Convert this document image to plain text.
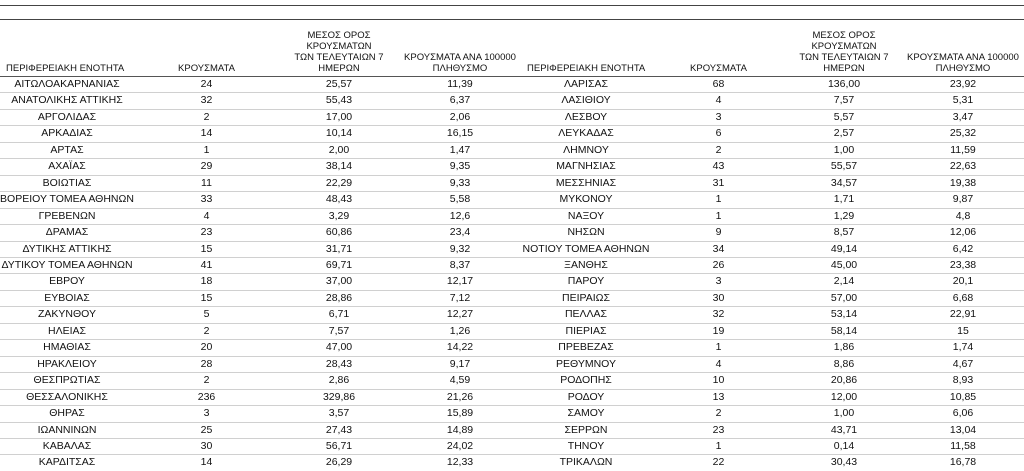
ΠΕΡΙΦΕΡΕΙΑΚΗ ΕΝΟΤΗΤΑ	ΚΡΟΥΣΜΑΤΑ	ΜΕΣΟΣ ΟΡΟΣ ΚΡΟΥΣΜΑΤΩΝ
ΤΩΝ ΤΕΛΕΥΤΑΙΩΝ 7
ΗΜΕΡΩΝ	ΚΡΟΥΣΜΑΤΑ ΑΝΑ 100000
ΠΛΗΘΥΣΜΟ	ΠΕΡΙΦΕΡΕΙΑΚΗ ΕΝΟΤΗΤΑ	ΚΡΟΥΣΜΑΤΑ	ΜΕΣΟΣ ΟΡΟΣ ΚΡΟΥΣΜΑΤΩΝ
ΤΩΝ ΤΕΛΕΥΤΑΙΩΝ 7
ΗΜΕΡΩΝ	ΚΡΟΥΣΜΑΤΑ ΑΝΑ 100000
ΠΛΗΘΥΣΜΟ

ΑΙΤΩΛΟΑΚΑΡΝΑΝΙΑΣ	24	25,57	11,39	ΛΑΡΙΣΑΣ	68	136,00	23,92
ΑΝΑΤΟΛΙΚΗΣ ΑΤΤΙΚΗΣ	32	55,43	6,37	ΛΑΣΙΘΙΟΥ	4	7,57	5,31
ΑΡΓΟΛΙΔΑΣ	2	17,00	2,06	ΛΕΣΒΟΥ	3	5,57	3,47
ΑΡΚΑΔΙΑΣ	14	10,14	16,15	ΛΕΥΚΑΔΑΣ	6	2,57	25,32
ΑΡΤΑΣ	1	2,00	1,47	ΛΗΜΝΟΥ	2	1,00	11,59
ΑΧΑΪΑΣ	29	38,14	9,35	ΜΑΓΝΗΣΙΑΣ	43	55,57	22,63
ΒΟΙΩΤΙΑΣ	11	22,29	9,33	ΜΕΣΣΗΝΙΑΣ	31	34,57	19,38
ΒΟΡΕΙΟΥ ΤΟΜΕΑ ΑΘΗΝΩΝ	33	48,43	5,58	ΜΥΚΟΝΟΥ	1	1,71	9,87
ΓΡΕΒΕΝΩΝ	4	3,29	12,6	ΝΑΞΟΥ	1	1,29	4,8
ΔΡΑΜΑΣ	23	60,86	23,4	ΝΗΣΩΝ	9	8,57	12,06
ΔΥΤΙΚΗΣ ΑΤΤΙΚΗΣ	15	31,71	9,32	ΝΟΤΙΟΥ ΤΟΜΕΑ ΑΘΗΝΩΝ	34	49,14	6,42
ΔΥΤΙΚΟΥ ΤΟΜΕΑ ΑΘΗΝΩΝ	41	69,71	8,37	ΞΑΝΘΗΣ	26	45,00	23,38
ΕΒΡΟΥ	18	37,00	12,17	ΠΑΡΟΥ	3	2,14	20,1
ΕΥΒΟΙΑΣ	15	28,86	7,12	ΠΕΙΡΑΙΩΣ	30	57,00	6,68
ΖΑΚΥΝΘΟΥ	5	6,71	12,27	ΠΕΛΛΑΣ	32	53,14	22,91
ΗΛΕΙΑΣ	2	7,57	1,26	ΠΙΕΡΙΑΣ	19	58,14	15
ΗΜΑΘΙΑΣ	20	47,00	14,22	ΠΡΕΒΕΖΑΣ	1	1,86	1,74
ΗΡΑΚΛΕΙΟΥ	28	28,43	9,17	ΡΕΘΥΜΝΟΥ	4	8,86	4,67
ΘΕΣΠΡΩΤΙΑΣ	2	2,86	4,59	ΡΟΔΟΠΗΣ	10	20,86	8,93
ΘΕΣΣΑΛΟΝΙΚΗΣ	236	329,86	21,26	ΡΟΔΟΥ	13	12,00	10,85
ΘΗΡΑΣ	3	3,57	15,89	ΣΑΜΟΥ	2	1,00	6,06
ΙΩΑΝΝΙΝΩΝ	25	27,43	14,89	ΣΕΡΡΩΝ	23	43,71	13,04
ΚΑΒΑΛΑΣ	30	56,71	24,02	ΤΗΝΟΥ	1	0,14	11,58
ΚΑΡΔΙΤΣΑΣ	14	26,29	12,33	ΤΡΙΚΑΛΩΝ	22	30,43	16,78
